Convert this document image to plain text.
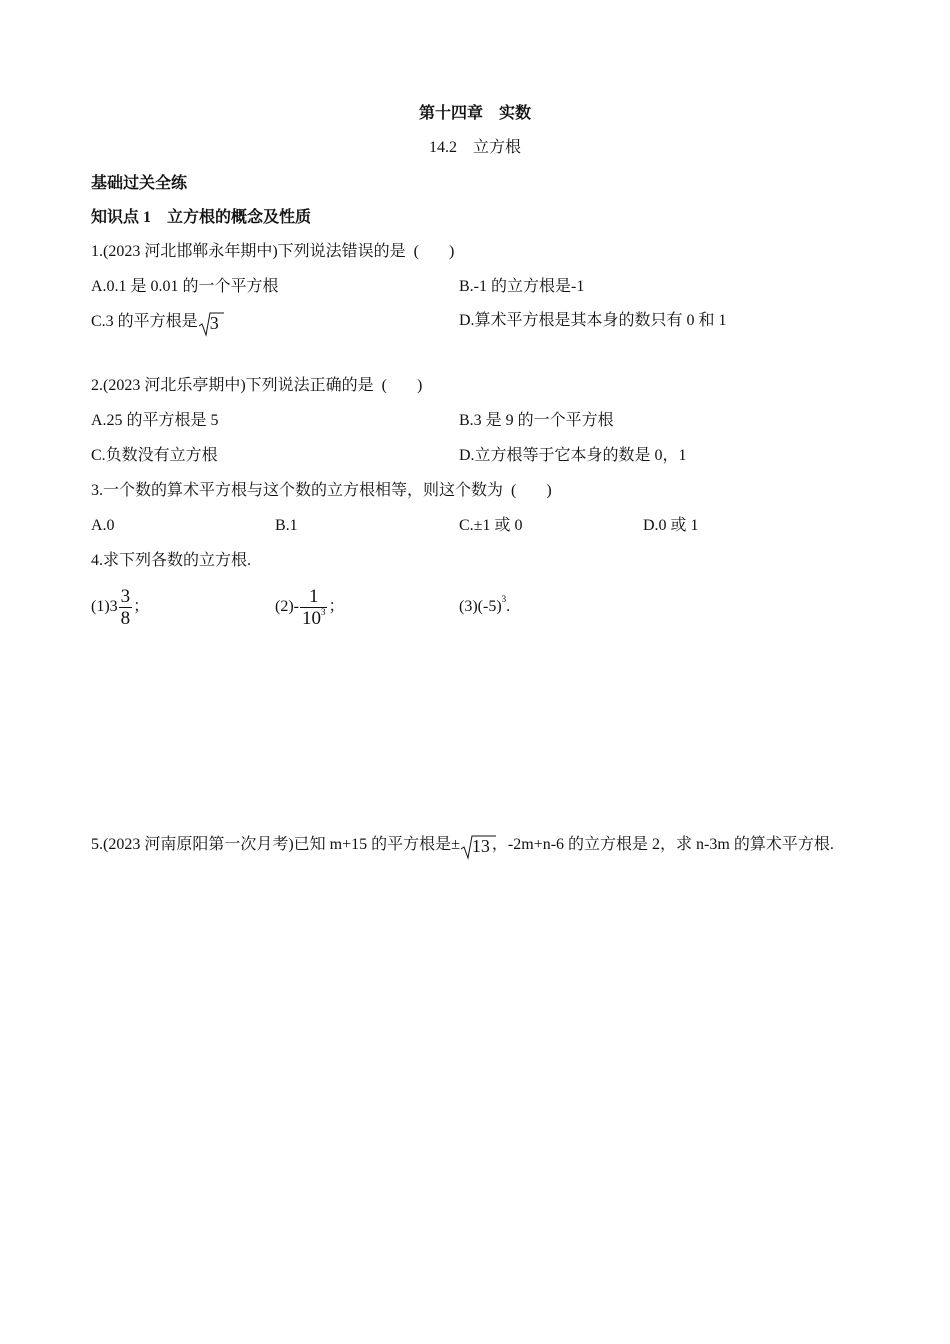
第十四章　实数
14.2　立方根
基础过关全练
知识点 1　立方根的概念及性质
1.(2023 河北邯郸永年期中)下列说法错误的是 ( )
A.0.1 是 0.01 的一个平方根	B.-1 的立方根是-1
C.3 的平方根是 3	D.算术平方根是其本身的数只有 0 和 1
2.(2023 河北乐亭期中)下列说法正确的是 ( )
A.25 的平方根是 5	B.3 是 9 的一个平方根
C.负数没有立方根	D.立方根等于它本身的数是 0，1
3.一个数的算术平方根与这个数的立方根相等，则这个数为 ( )
A.0	B.1	C.±1 或 0	D.0 或 1
4.求下列各数的立方根.
$(1)3 \frac{3}{8}$ ；	$(2)- \frac{1}{10^3}$ ；	$(3)(-5)^3$.
5.(2023 河南原阳第一次月考)已知 m+15 的平方根是± 13 ，-2m+n-6 的立方根是 2，求 n-3m 的算术平方根.
